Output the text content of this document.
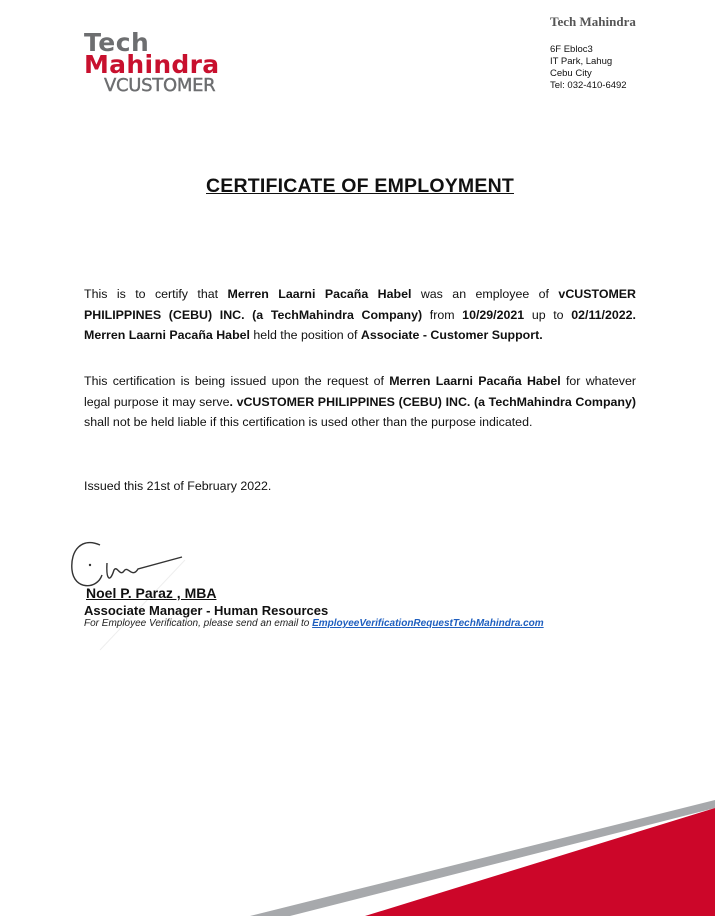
Tech
Mahindra
VCUSTOMER
Tech Mahindra
6F Ebloc3
IT Park, Lahug
Cebu City
Tel: 032-410-6492
CERTIFICATE OF EMPLOYMENT
This is to certify that Merren Laarni Pacaña Habel was an employee of vCUSTOMER PHILIPPINES (CEBU) INC. (a TechMahindra Company) from 10/29/2021 up to 02/11/2022. Merren Laarni Pacaña Habel held the position of Associate - Customer Support.
This certification is being issued upon the request of Merren Laarni Pacaña Habel for whatever legal purpose it may serve. vCUSTOMER PHILIPPINES (CEBU) INC. (a TechMahindra Company) shall not be held liable if this certification is used other than the purpose indicated.
Issued this 21st of February 2022.
Noel P. Paraz , MBA
Associate Manager - Human Resources
For Employee Verification, please send an email to EmployeeVerificationRequestTechMahindra.com
